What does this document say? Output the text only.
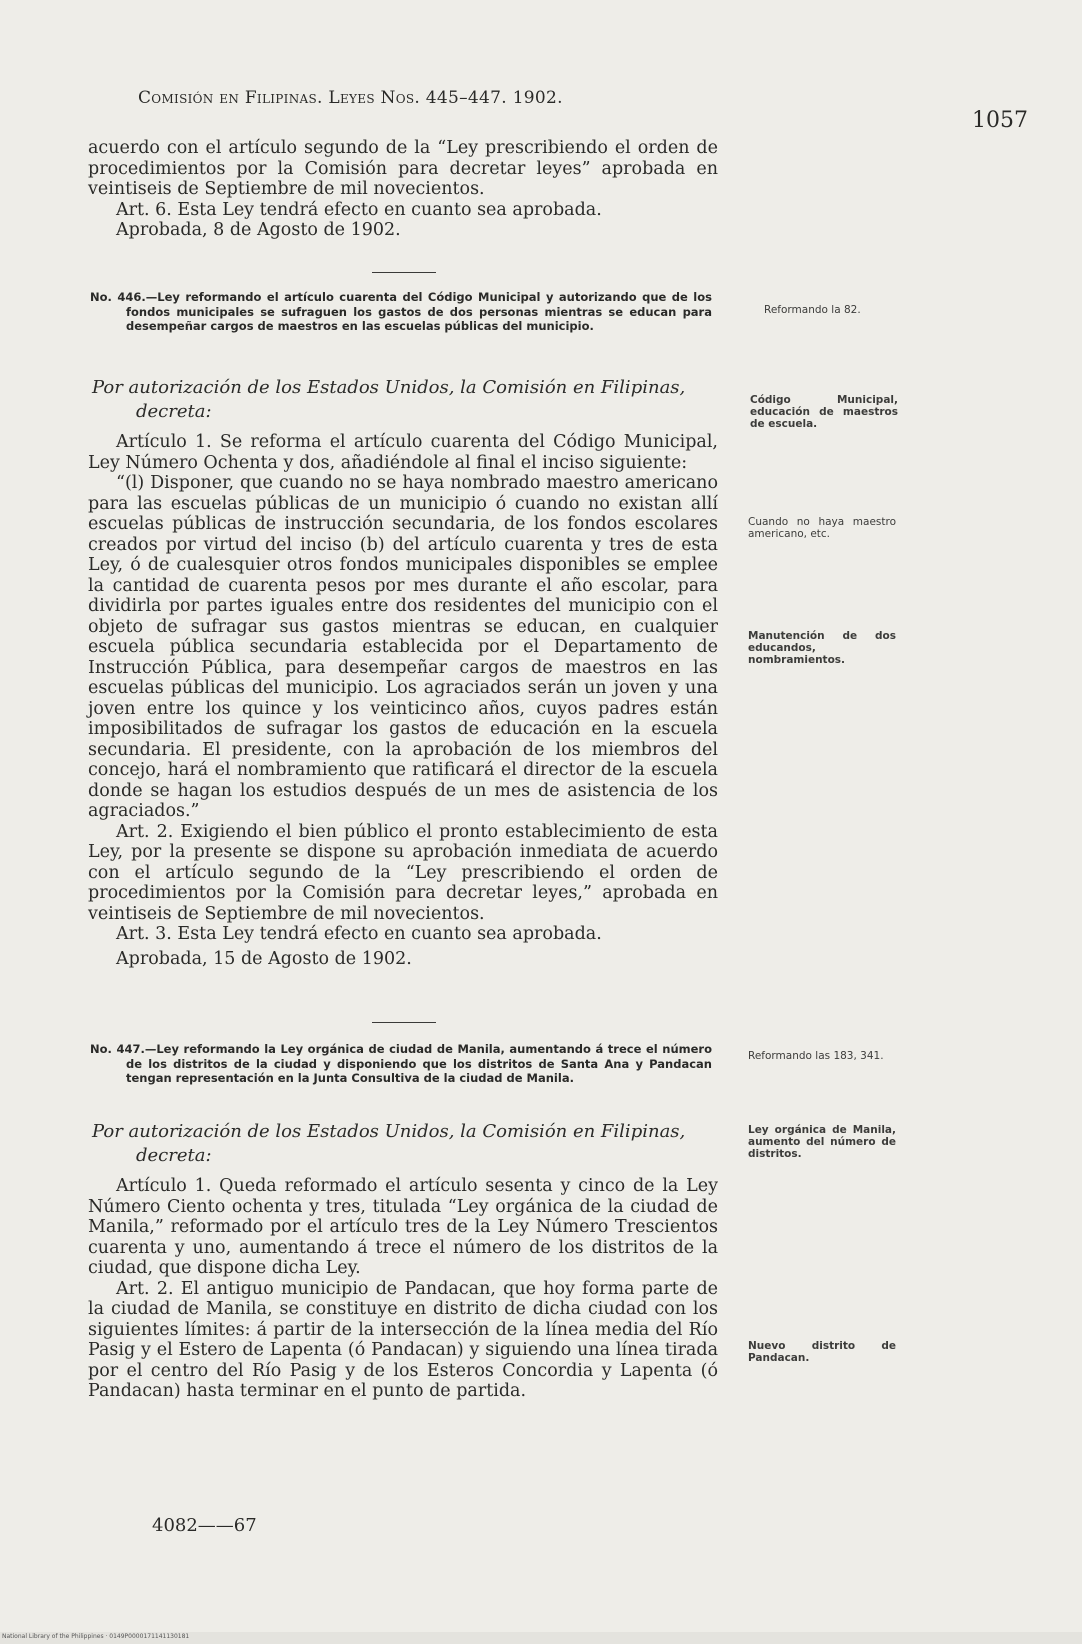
Comisión en Filipinas. Leyes Nos. 445–447. 1902.
1057
acuerdo con el artículo segundo de la “Ley prescribiendo el orden de procedimientos por la Comisión para decretar leyes” aprobada en veintiseis de Septiembre de mil novecientos.
Art. 6. Esta Ley tendrá efecto en cuanto sea aprobada.
Aprobada, 8 de Agosto de 1902.
No. 446.—Ley reformando el artículo cuarenta del Código Municipal y autorizando que de los fondos municipales se sufraguen los gastos de dos personas mientras se educan para desempeñar cargos de maestros en las escuelas públicas del municipio.
Por autorización de los Estados Unidos, la Comisión en Filipinas,
decreta:
Artículo 1. Se reforma el artículo cuarenta del Código Municipal, Ley Número Ochenta y dos, añadiéndole al final el inciso siguiente:
“(l) Disponer, que cuando no se haya nombrado maestro americano para las escuelas públicas de un municipio ó cuando no existan allí escuelas públicas de instrucción secundaria, de los fondos escolares creados por virtud del inciso (b) del artículo cuarenta y tres de esta Ley, ó de cualesquier otros fondos municipales disponibles se emplee la cantidad de cuarenta pesos por mes durante el año escolar, para dividirla por partes iguales entre dos residentes del municipio con el objeto de sufragar sus gastos mientras se educan, en cualquier escuela pública secundaria establecida por el Departamento de Instrucción Pública, para desempeñar cargos de maestros en las escuelas públicas del municipio. Los agraciados serán un joven y una joven entre los quince y los veinticinco años, cuyos padres están imposibilitados de sufragar los gastos de educación en la escuela secundaria. El presidente, con la aprobación de los miembros del concejo, hará el nombramiento que ratificará el director de la escuela donde se hagan los estudios después de un mes de asistencia de los agraciados.”
Art. 2. Exigiendo el bien público el pronto establecimiento de esta Ley, por la presente se dispone su aprobación inmediata de acuerdo con el artículo segundo de la “Ley prescribiendo el orden de procedimientos por la Comisión para decretar leyes,” aprobada en veintiseis de Septiembre de mil novecientos.
Art. 3. Esta Ley tendrá efecto en cuanto sea aprobada.
Aprobada, 15 de Agosto de 1902.
No. 447.—Ley reformando la Ley orgánica de ciudad de Manila, aumentando á trece el número de los distritos de la ciudad y disponiendo que los distritos de Santa Ana y Pandacan tengan representación en la Junta Consultiva de la ciudad de Manila.
Por autorización de los Estados Unidos, la Comisión en Filipinas,
decreta:
Artículo 1. Queda reformado el artículo sesenta y cinco de la Ley Número Ciento ochenta y tres, titulada “Ley orgánica de la ciudad de Manila,” reformado por el artículo tres de la Ley Número Trescientos cuarenta y uno, aumentando á trece el número de los distritos de la ciudad, que dispone dicha Ley.
Art. 2. El antiguo municipio de Pandacan, que hoy forma parte de la ciudad de Manila, se constituye en distrito de dicha ciudad con los siguientes límites: á partir de la intersección de la línea media del Río Pasig y el Estero de Lapenta (ó Pandacan) y siguiendo una línea tirada por el centro del Río Pasig y de los Esteros Concordia y Lapenta (ó Pandacan) hasta terminar en el punto de partida.
Reformando la 82.
Código Municipal, educación de maestros de escuela.
Cuando no haya maestro americano, etc.
Manutención de dos educandos, nombramientos.
Reformando las 183, 341.
Ley orgánica de Manila, aumento del número de distritos.
Nuevo distrito de Pandacan.
4082——67
National Library of the Philippines · 0149P0000171141130181
